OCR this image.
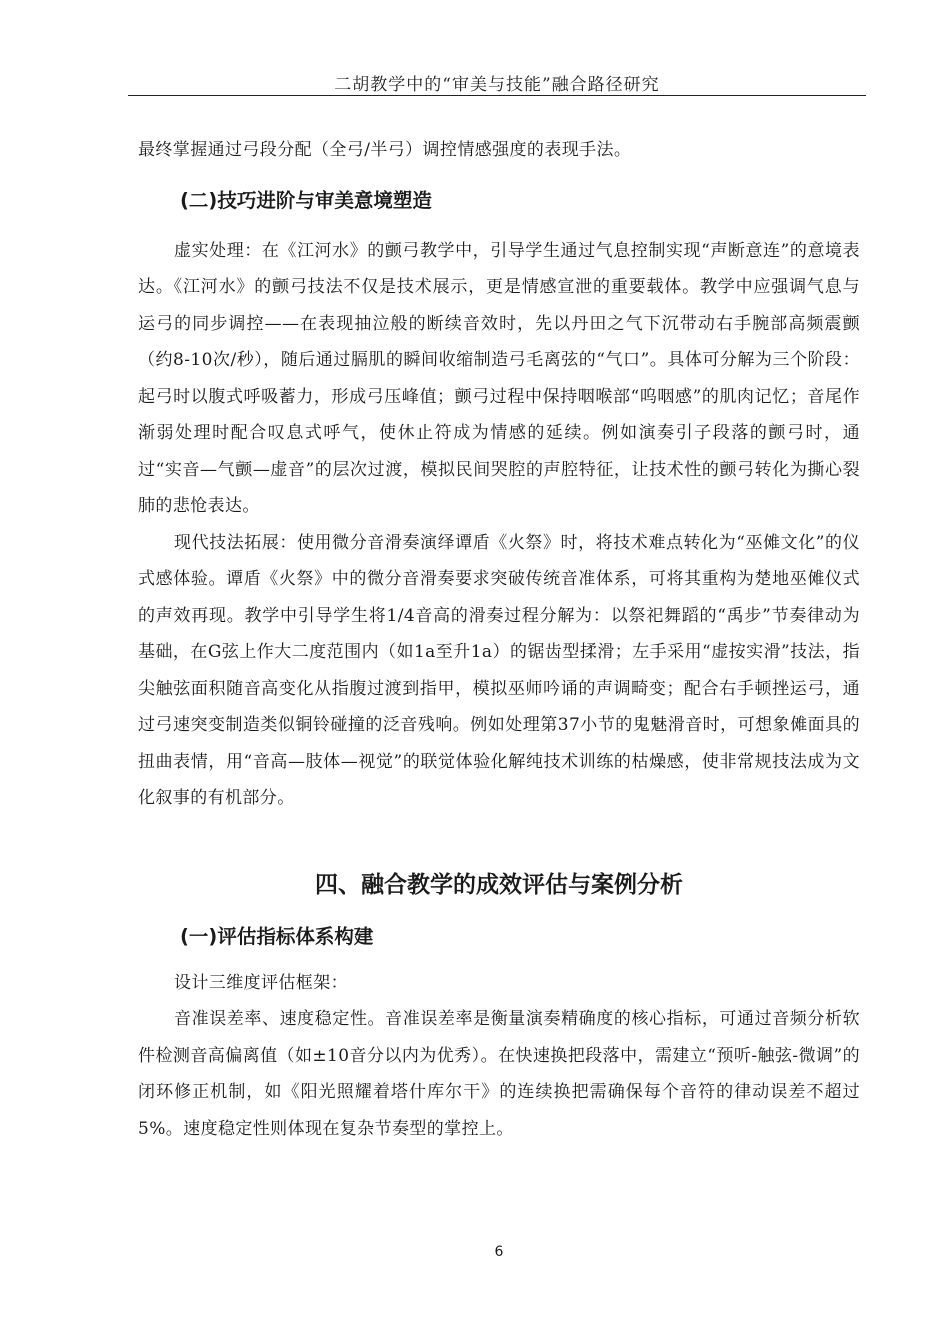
二胡教学中的“审美与技能”融合路径研究

最终掌握通过弓段分配（全弓/半弓）调控情感强度的表现手法。

(二)技巧进阶与审美意境塑造

虚实处理：在《江河水》的颤弓教学中，引导学生通过气息控制实现“声断意连”的意境表达。《江河水》的颤弓技法不仅是技术展示，更是情感宣泄的重要载体。教学中应强调气息与运弓的同步调控——在表现抽泣般的断续音效时，先以丹田之气下沉带动右手腕部高频震颤（约8-10次/秒），随后通过膈肌的瞬间收缩制造弓毛离弦的“气口”。具体可分解为三个阶段：起弓时以腹式呼吸蓄力，形成弓压峰值；颤弓过程中保持咽喉部“呜咽感”的肌肉记忆；音尾作渐弱处理时配合叹息式呼气，使休止符成为情感的延续。例如演奏引子段落的颤弓时，通过“实音—气颤—虚音”的层次过渡，模拟民间哭腔的声腔特征，让技术性的颤弓转化为撕心裂肺的悲怆表达。

现代技法拓展：使用微分音滑奏演绎谭盾《火祭》时，将技术难点转化为“巫傩文化”的仪式感体验。谭盾《火祭》中的微分音滑奏要求突破传统音准体系，可将其重构为楚地巫傩仪式的声效再现。教学中引导学生将1/4音高的滑奏过程分解为：以祭祀舞蹈的“禹步”节奏律动为基础，在G弦上作大二度范围内（如1a至升1a）的锯齿型揉滑；左手采用“虚按实滑”技法，指尖触弦面积随音高变化从指腹过渡到指甲，模拟巫师吟诵的声调畸变；配合右手顿挫运弓，通过弓速突变制造类似铜铃碰撞的泛音残响。例如处理第37小节的鬼魅滑音时，可想象傩面具的扭曲表情，用“音高—肢体—视觉”的联觉体验化解纯技术训练的枯燥感，使非常规技法成为文化叙事的有机部分。

四、融合教学的成效评估与案例分析
(一)评估指标体系构建

设计三维度评估框架：

音准误差率、速度稳定性。音准误差率是衡量演奏精确度的核心指标，可通过音频分析软件检测音高偏离值（如±10音分以内为优秀）。在快速换把段落中，需建立“预听-触弦-微调”的闭环修正机制，如《阳光照耀着塔什库尔干》的连续换把需确保每个音符的律动误差不超过5%。速度稳定性则体现在复杂节奏型的掌控上。

6
